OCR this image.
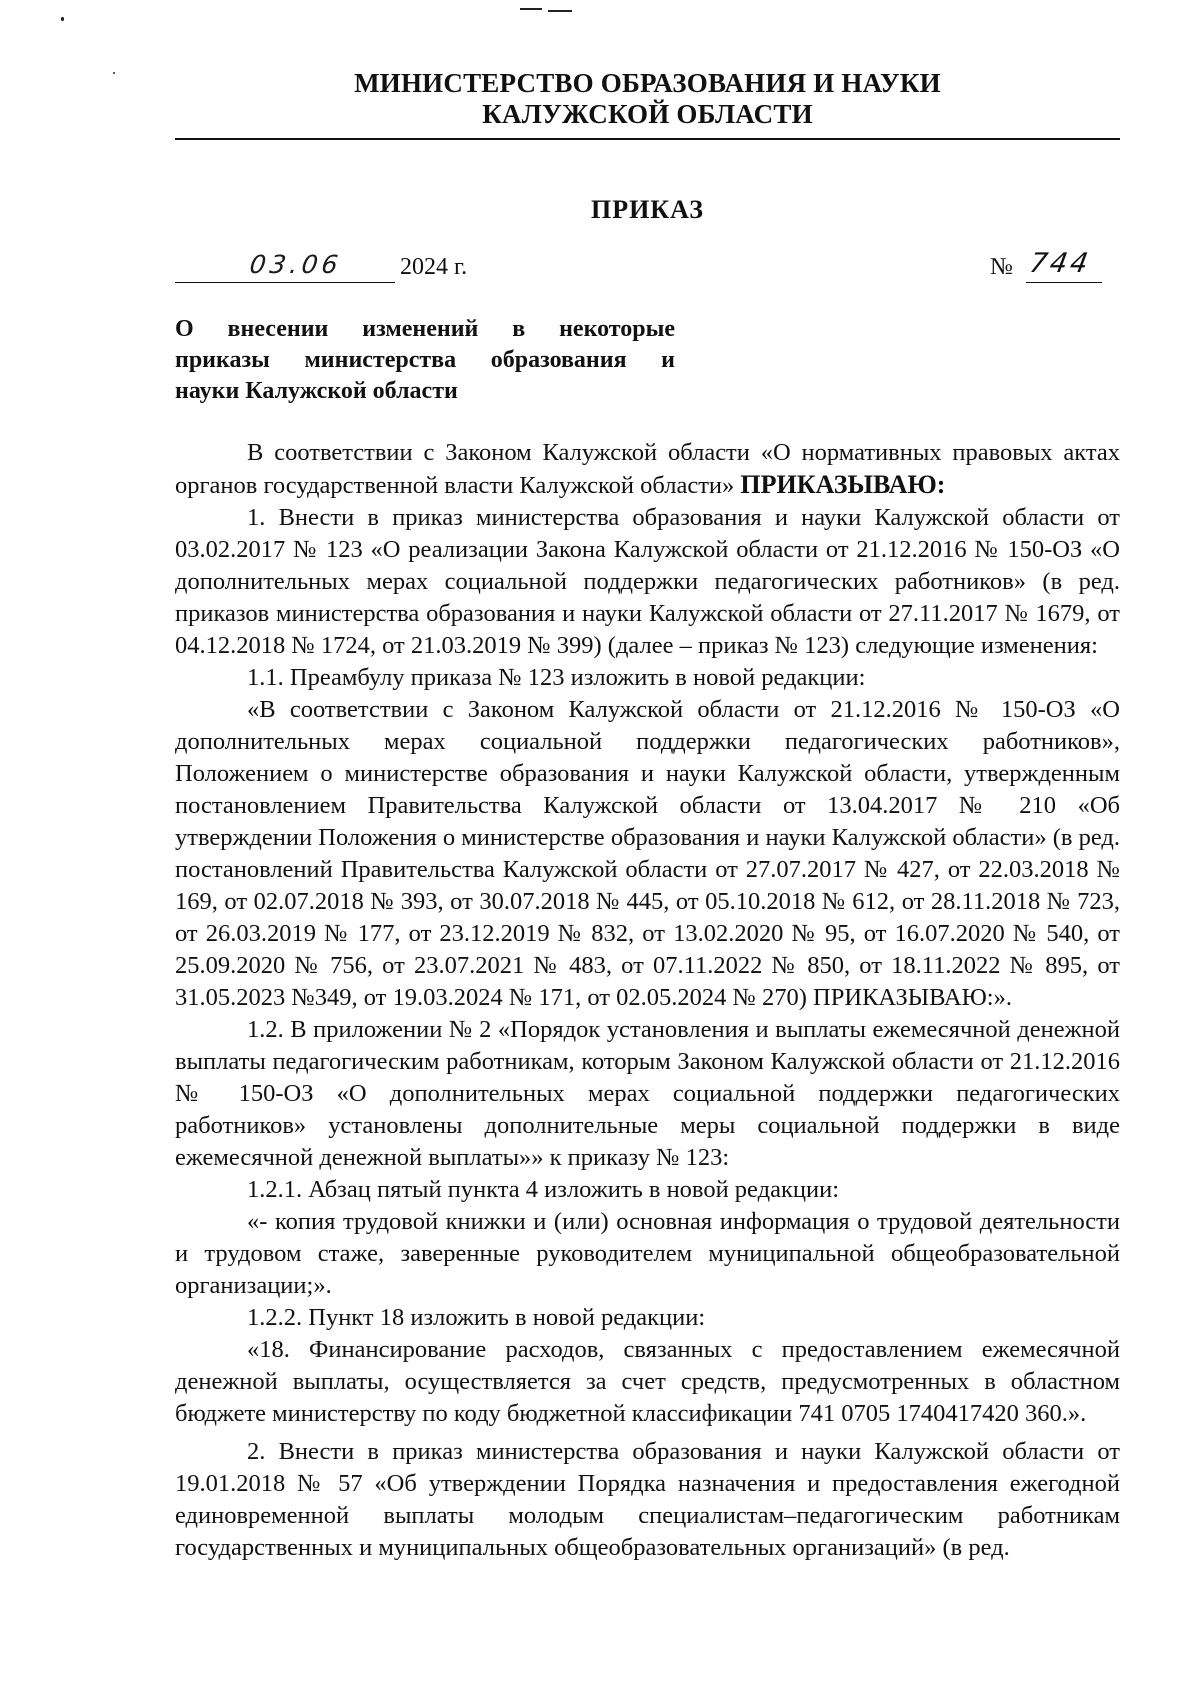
МИНИСТЕРСТВО ОБРАЗОВАНИЯ И НАУКИ
КАЛУЖСКОЙ ОБЛАСТИ
ПРИКАЗ
03.06 2024 г.	№ 744
О внесении изменений в некоторые
приказы министерства образования и
науки Калужской области

В соответствии с Законом Калужской области «О нормативных правовых актах органов государственной власти Калужской области» ПРИКАЗЫВАЮ:

1. Внести в приказ министерства образования и науки Калужской области от 03.02.2017 № 123 «О реализации Закона Калужской области от 21.12.2016 № 150-ОЗ «О дополнительных мерах социальной поддержки педагогических работников» (в ред. приказов министерства образования и науки Калужской области от 27.11.2017 № 1679, от 04.12.2018 № 1724, от 21.03.2019 № 399) (далее – приказ № 123) следующие изменения:

1.1. Преамбулу приказа № 123 изложить в новой редакции:

«В соответствии с Законом Калужской области от 21.12.2016 № 150-ОЗ «О дополнительных мерах социальной поддержки педагогических работников», Положением о министерстве образования и науки Калужской области, утвержденным постановлением Правительства Калужской области от 13.04.2017 № 210 «Об утверждении Положения о министерстве образования и науки Калужской области» (в ред. постановлений Правительства Калужской области от 27.07.2017 № 427, от 22.03.2018 № 169, от 02.07.2018 № 393, от 30.07.2018 № 445, от 05.10.2018 № 612, от 28.11.2018 № 723, от 26.03.2019 № 177, от 23.12.2019 № 832, от 13.02.2020 № 95, от 16.07.2020 № 540, от 25.09.2020 № 756, от 23.07.2021 № 483, от 07.11.2022 № 850, от 18.11.2022 № 895, от 31.05.2023 №349, от 19.03.2024 № 171, от 02.05.2024 № 270) ПРИКАЗЫВАЮ:».

1.2. В приложении № 2 «Порядок установления и выплаты ежемесячной денежной выплаты педагогическим работникам, которым Законом Калужской области от 21.12.2016 № 150-ОЗ «О дополнительных мерах социальной поддержки педагогических работников» установлены дополнительные меры социальной поддержки в виде ежемесячной денежной выплаты»» к приказу № 123:

1.2.1. Абзац пятый пункта 4 изложить в новой редакции:

«- копия трудовой книжки и (или) основная информация о трудовой деятельности и трудовом стаже, заверенные руководителем муниципальной общеобразовательной организации;».

1.2.2. Пункт 18 изложить в новой редакции:

«18. Финансирование расходов, связанных с предоставлением ежемесячной денежной выплаты, осуществляется за счет средств, предусмотренных в областном бюджете министерству по коду бюджетной классификации 741 0705 1740417420 360.».

2. Внести в приказ министерства образования и науки Калужской области от 19.01.2018 № 57 «Об утверждении Порядка назначения и предоставления ежегодной единовременной выплаты молодым специалистам–педагогическим работникам государственных и муниципальных общеобразовательных организаций» (в ред.
